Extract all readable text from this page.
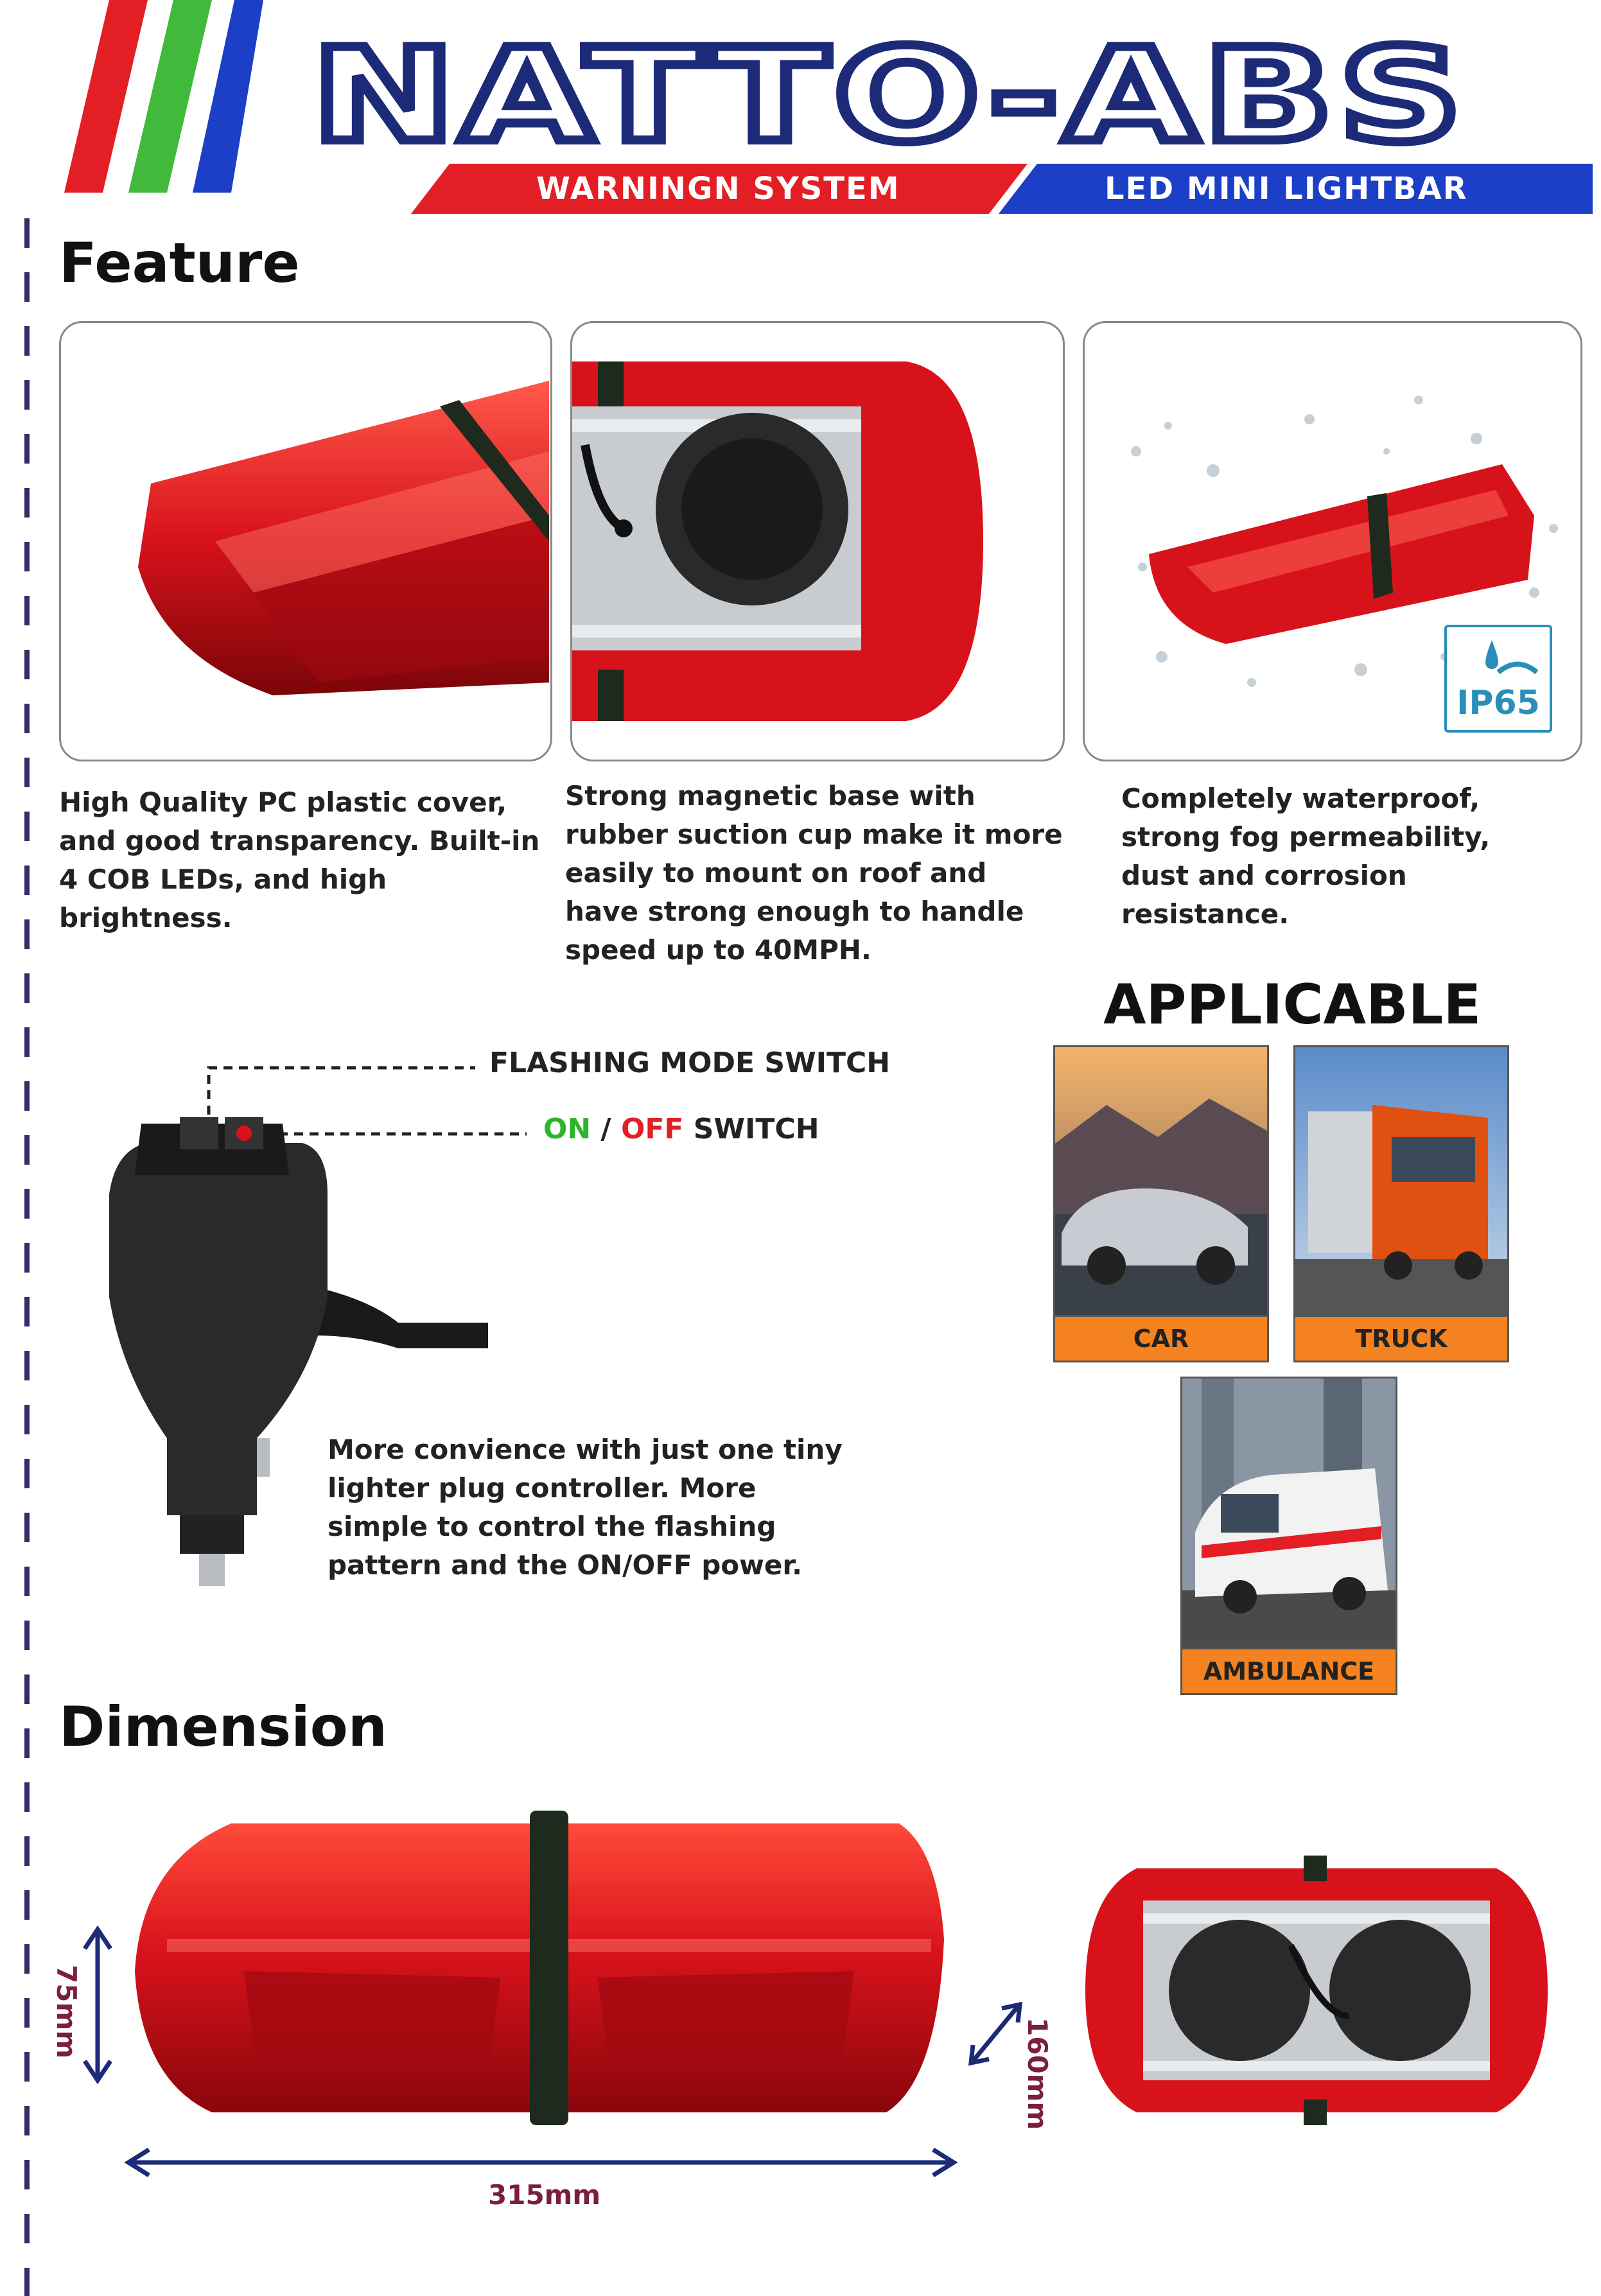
NATTO-ABS
WARNINGN SYSTEM	LED MINI LIGHTBAR
Feature
IP65
High Quality PC plastic cover, and good transparency. Built-in 4 COB LEDs, and high brightness.
Strong magnetic base with rubber suction cup make it more easily to mount on roof and have strong enough to handle speed up to 40MPH.
Completely waterproof, strong fog permeability, dust and corrosion resistance.
FLASHING MODE SWITCH
ON / OFF SWITCH
More convience with just one tiny lighter plug controller. More simple to control the flashing pattern and the ON/OFF power.
APPLICABLE
CAR	TRUCK
AMBULANCE
Dimension
75mm
315mm
160mm
